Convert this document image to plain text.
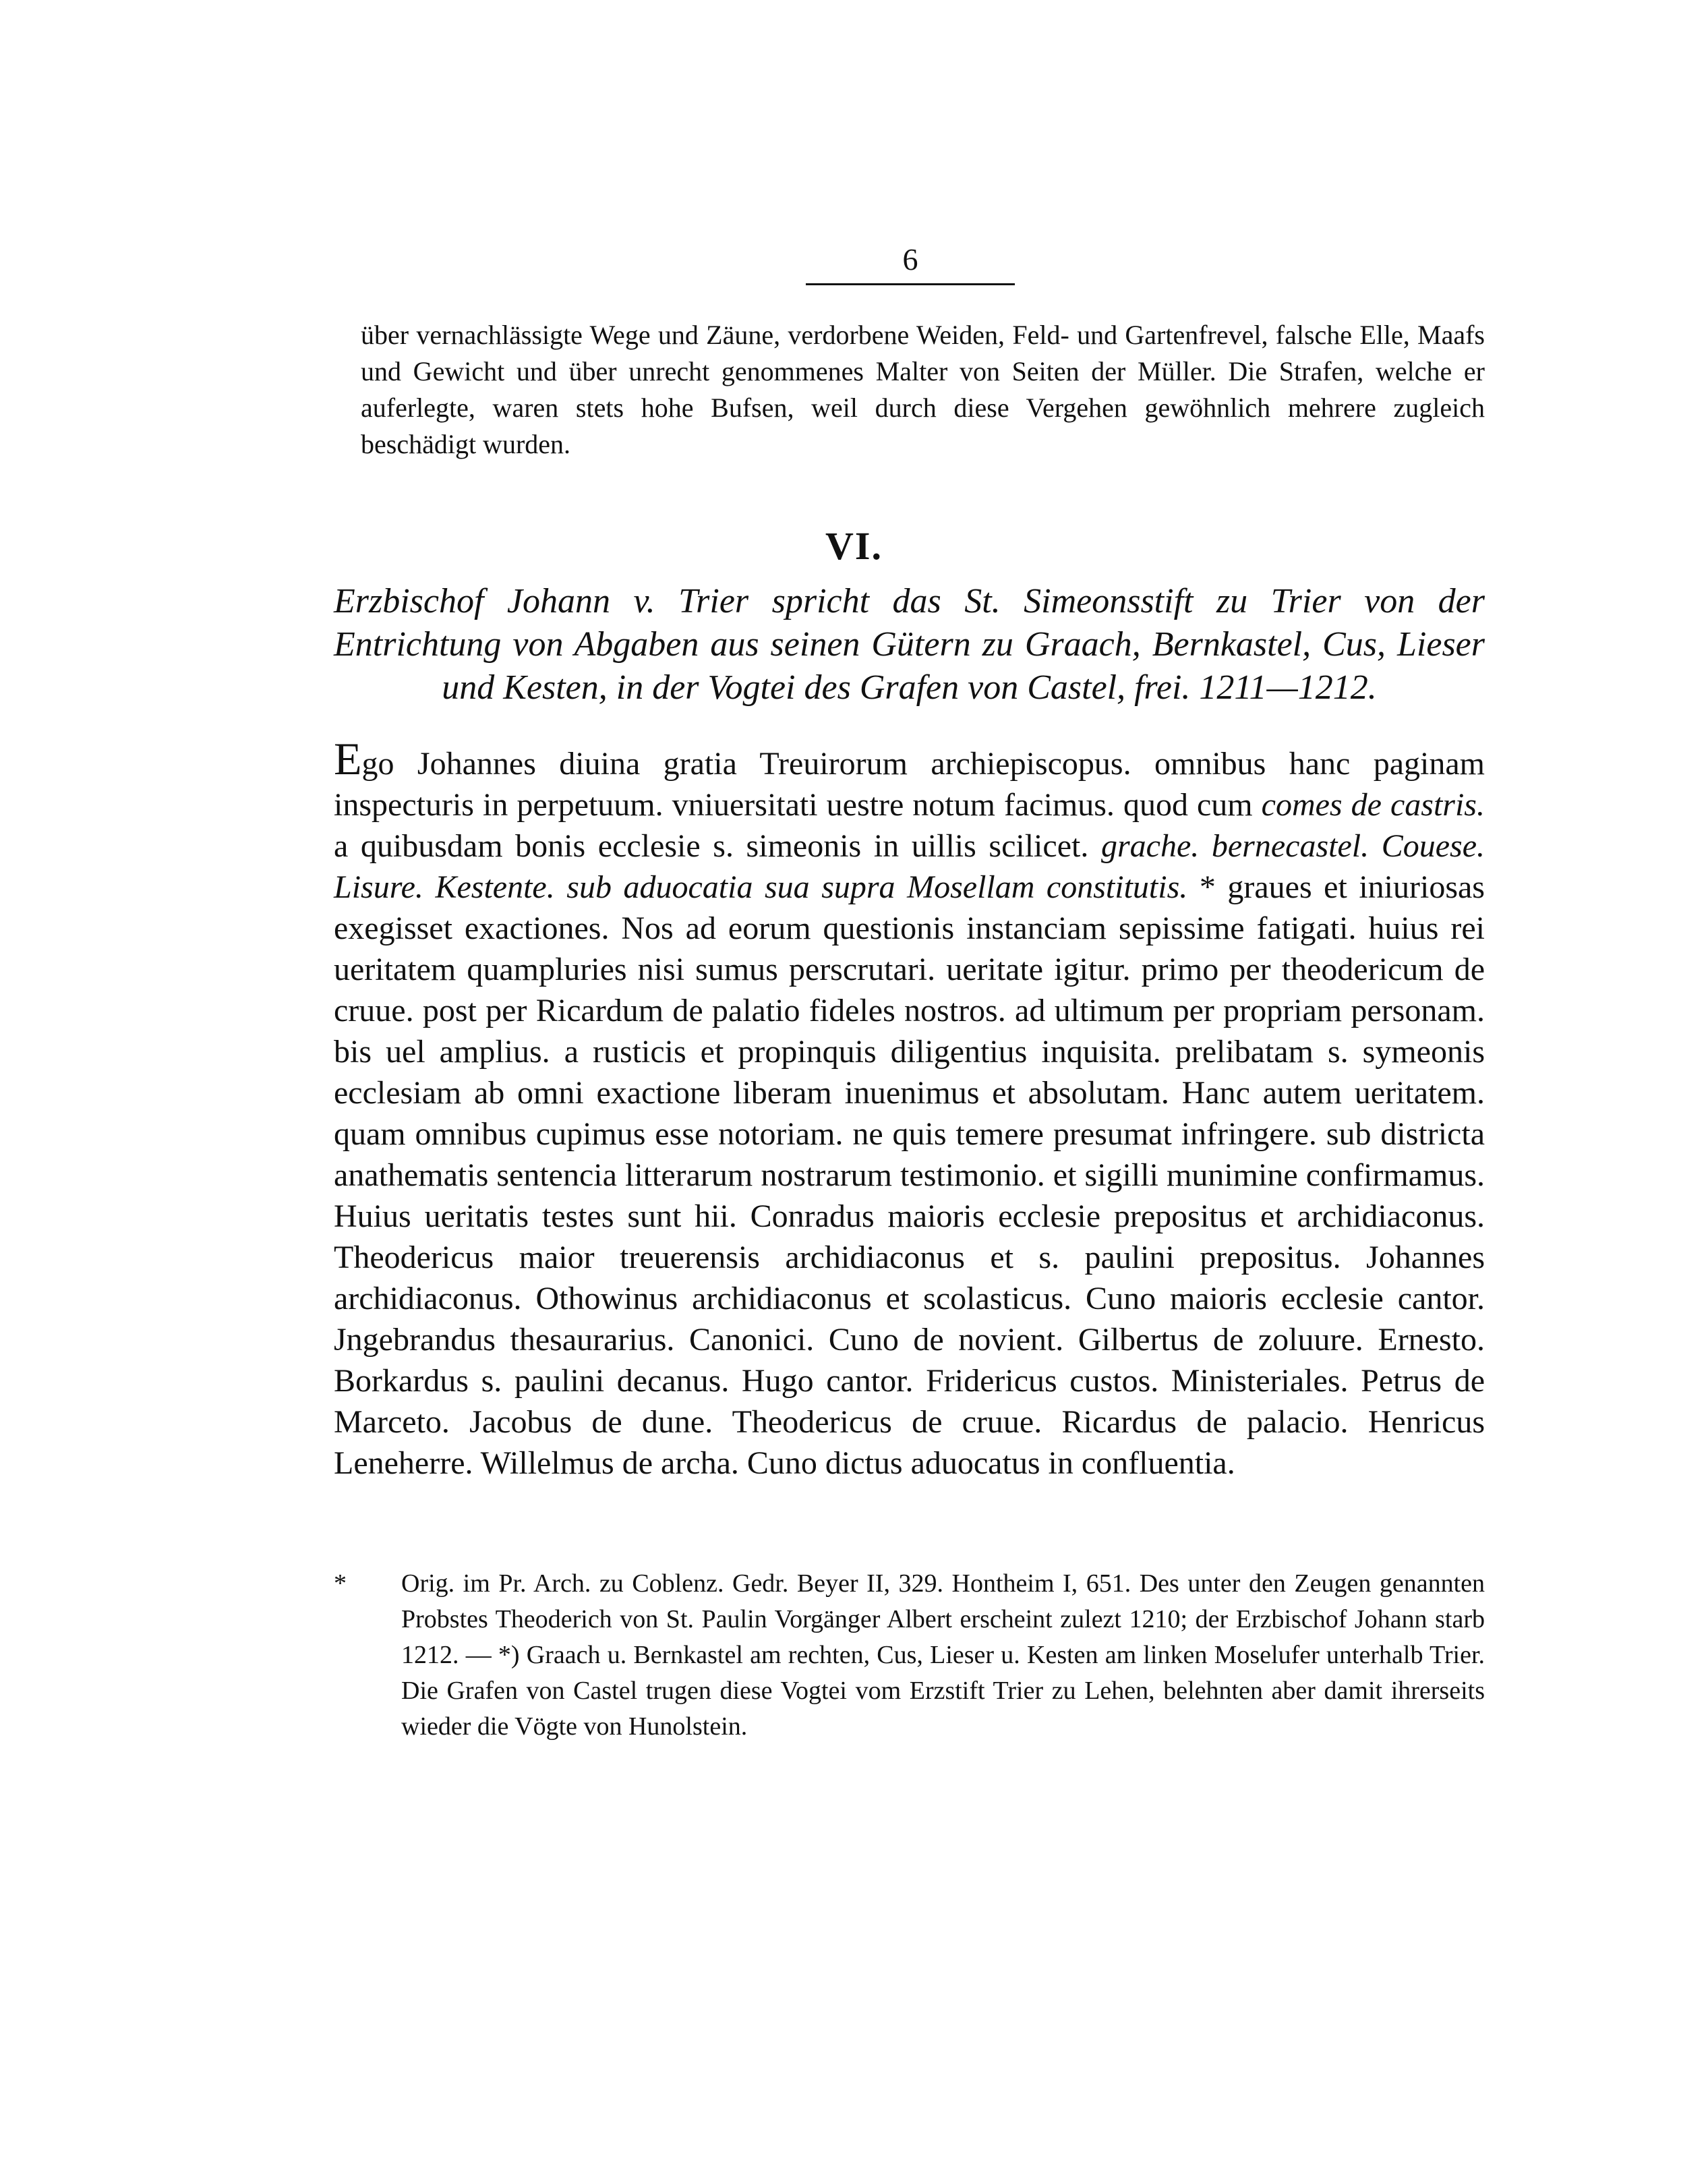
6
über vernachlässigte Wege und Zäune, verdorbene Weiden, Feld- und Gartenfrevel, falsche Elle, Maafs und Gewicht und über unrecht genommenes Malter von Seiten der Müller. Die Strafen, welche er auferlegte, waren stets hohe Bufsen, weil durch diese Vergehen gewöhnlich mehrere zugleich beschädigt wurden.
VI.
Erzbischof Johann v. Trier spricht das St. Simeonsstift zu Trier von der Entrichtung von Abgaben aus seinen Gütern zu Graach, Bernkastel, Cus, Lieser und Kesten, in der Vogtei des Grafen von Castel, frei. 1211—1212.
Ego Johannes diuina gratia Treuirorum archiepiscopus. omnibus hanc paginam inspecturis in perpetuum. vniuersitati uestre notum facimus. quod cum comes de castris. a quibusdam bonis ecclesie s. simeonis in uillis scilicet. grache. bernecastel. Couese. Lisure. Kestente. sub aduocatia sua supra Mosellam constitutis. * graues et iniuriosas exegisset exactiones. Nos ad eorum questionis instanciam sepissime fatigati. huius rei ueritatem quampluries nisi sumus perscrutari. ueritate igitur. primo per theodericum de cruue. post per Ricardum de palatio fideles nostros. ad ultimum per propriam personam. bis uel amplius. a rusticis et propinquis diligentius inquisita. prelibatam s. symeonis ecclesiam ab omni exactione liberam inuenimus et absolutam. Hanc autem ueritatem. quam omnibus cupimus esse notoriam. ne quis temere presumat infringere. sub districta anathematis sentencia litterarum nostrarum testimonio. et sigilli munimine confirmamus. Huius ueritatis testes sunt hii. Conradus maioris ecclesie prepositus et archidiaconus. Theodericus maior treuerensis archidiaconus et s. paulini prepositus. Johannes archidiaconus. Othowinus archidiaconus et scolasticus. Cuno maioris ecclesie cantor. Jngebrandus thesaurarius. Canonici. Cuno de novient. Gilbertus de zoluure. Ernesto. Borkardus s. paulini decanus. Hugo cantor. Fridericus custos. Ministeriales. Petrus de Marceto. Jacobus de dune. Theodericus de cruue. Ricardus de palacio. Henricus Leneherre. Willelmus de archa. Cuno dictus aduocatus in confluentia.
*	Orig. im Pr. Arch. zu Coblenz. Gedr. Beyer II, 329. Hontheim I, 651. Des unter den Zeugen genannten Probstes Theoderich von St. Paulin Vorgänger Albert erscheint zulezt 1210; der Erzbischof Johann starb 1212. — *) Graach u. Bernkastel am rechten, Cus, Lieser u. Kesten am linken Moselufer unterhalb Trier. Die Grafen von Castel trugen diese Vogtei vom Erzstift Trier zu Lehen, belehnten aber damit ihrerseits wieder die Vögte von Hunolstein.
